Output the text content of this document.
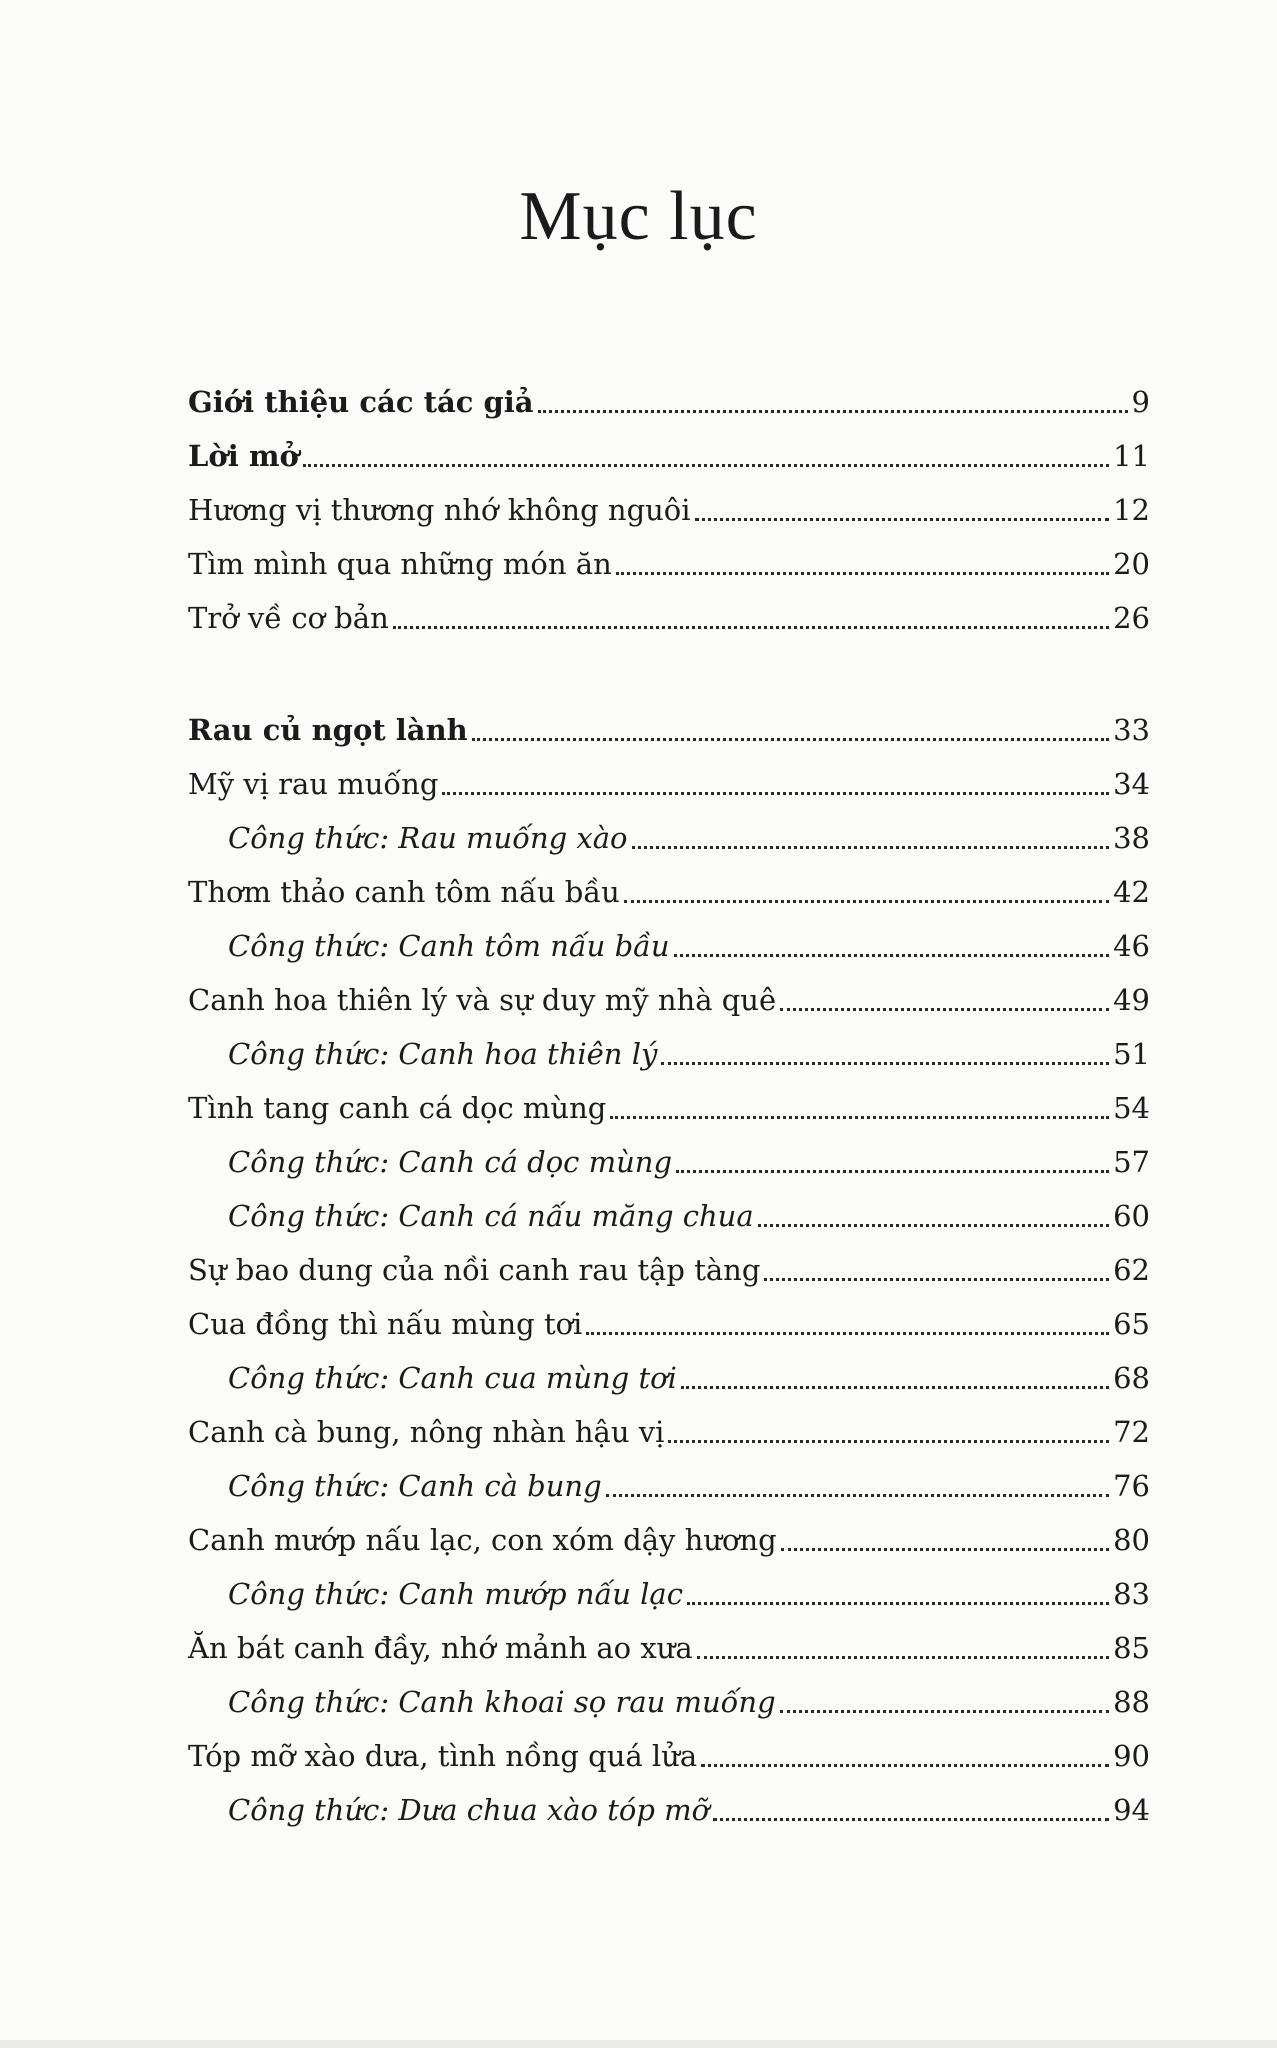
Mục lục
Giới thiệu các tác giả	9
Lời mở	11
Hương vị thương nhớ không nguôi	12
Tìm mình qua những món ăn	20
Trở về cơ bản	26
Rau củ ngọt lành	33
Mỹ vị rau muống	34
Công thức: Rau muống xào	38
Thơm thảo canh tôm nấu bầu	42
Công thức: Canh tôm nấu bầu	46
Canh hoa thiên lý và sự duy mỹ nhà quê	49
Công thức: Canh hoa thiên lý	51
Tình tang canh cá dọc mùng	54
Công thức: Canh cá dọc mùng	57
Công thức: Canh cá nấu măng chua	60
Sự bao dung của nồi canh rau tập tàng	62
Cua đồng thì nấu mùng tơi	65
Công thức: Canh cua mùng tơi	68
Canh cà bung, nông nhàn hậu vị	72
Công thức: Canh cà bung	76
Canh mướp nấu lạc, con xóm dậy hương	80
Công thức: Canh mướp nấu lạc	83
Ăn bát canh đầy, nhớ mảnh ao xưa	85
Công thức: Canh khoai sọ rau muống	88
Tóp mỡ xào dưa, tình nồng quá lửa	90
Công thức: Dưa chua xào tóp mỡ	94
